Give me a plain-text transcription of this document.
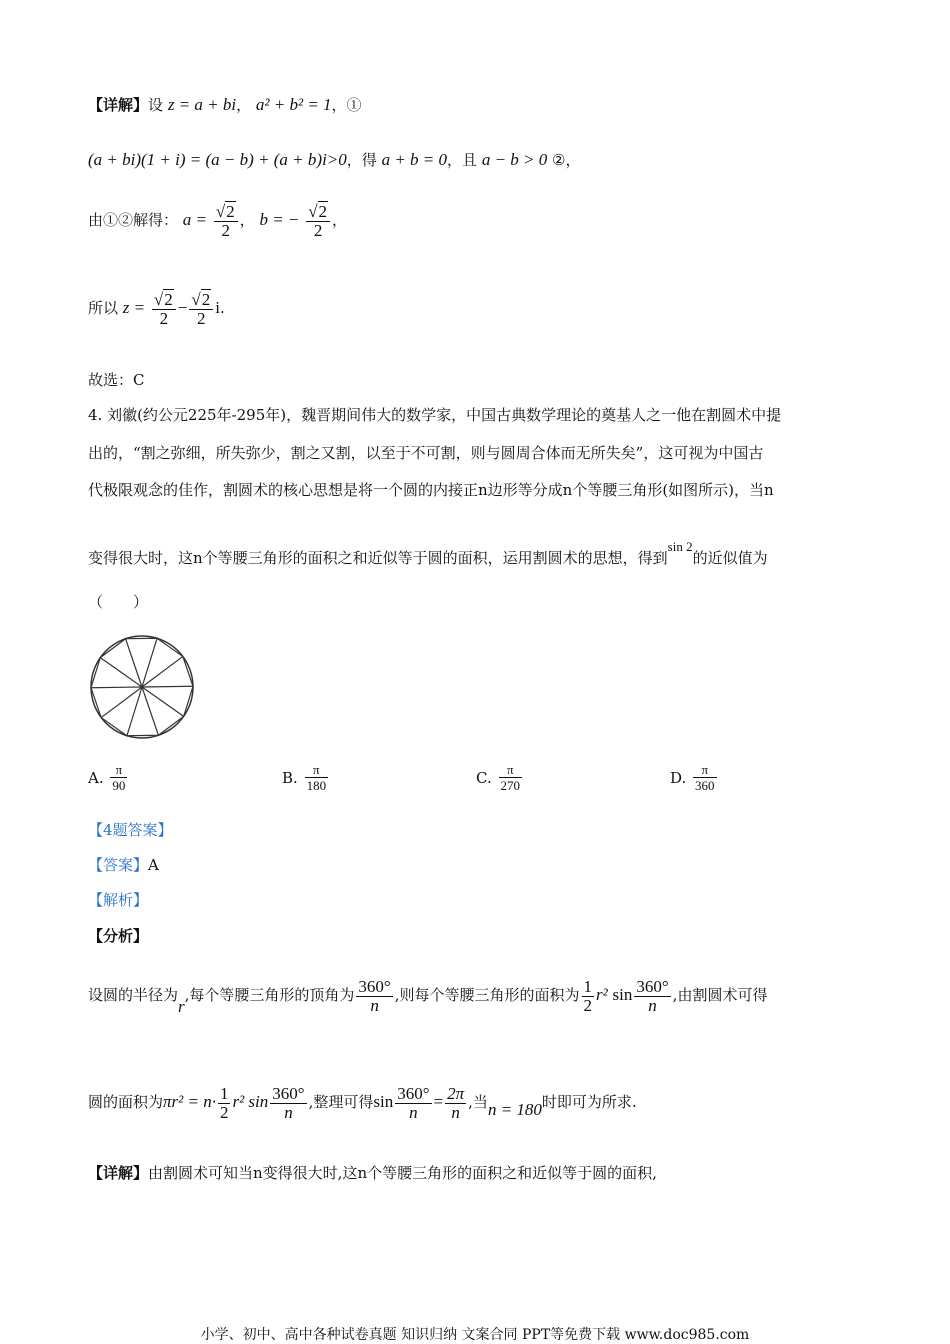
【详解】设 z = a + bi， a² + b² = 1，①
(a + bi)(1 + i) = (a − b) + (a + b)i>0，得 a + b = 0，且 a − b > 0 ②，
由①②解得： $a = \frac{√2}{2}$ ， b = − $\frac{√2}{2}$ ，
所以 $z = \frac{√2}{2} - \frac{√2}{2} i$.
故选：C
4. 刘徽(约公元225年-295年)，魏晋期间伟大的数学家，中国古典数学理论的奠基人之一他在割圆术中提
出的，“割之弥细，所失弥少，割之又割，以至于不可割，则与圆周合体而无所失矣”，这可视为中国古
代极限观念的佳作，割圆术的核心思想是将一个圆的内接正n边形等分成n个等腰三角形(如图所示)，当n
变得很大时，这n个等腰三角形的面积之和近似等于圆的面积，运用割圆术的思想，得到sin 2的近似值为
（　　）
A. $\frac{\pi}{90}$	B. $\frac{\pi}{180}$	C. $\frac{\pi}{270}$	D. $\frac{\pi}{360}$
【4题答案】
【答案】A
【解析】
【分析】
设圆的半径为r,每个等腰三角形的顶角为 $\frac{360^\circ}{n}$ ,则每个等腰三角形的面积为 $\frac{1}{2} r^2$ $\sin \frac{360^\circ}{n}$ ,由割圆术可得
圆的面积为$\pi r^2 = n\cdot \frac{1}{2} r^2$ $\sin \frac{360^\circ}{n}$ ,整理可得$\sin \frac{360^\circ}{n} = \frac{2\pi}{n}$ ,当n = 180时即可为所求.
【详解】由割圆术可知当n变得很大时,这n个等腰三角形的面积之和近似等于圆的面积,
小学、初中、高中各种试卷真题 知识归纳 文案合同 PPT等免费下载 www.doc985.com
